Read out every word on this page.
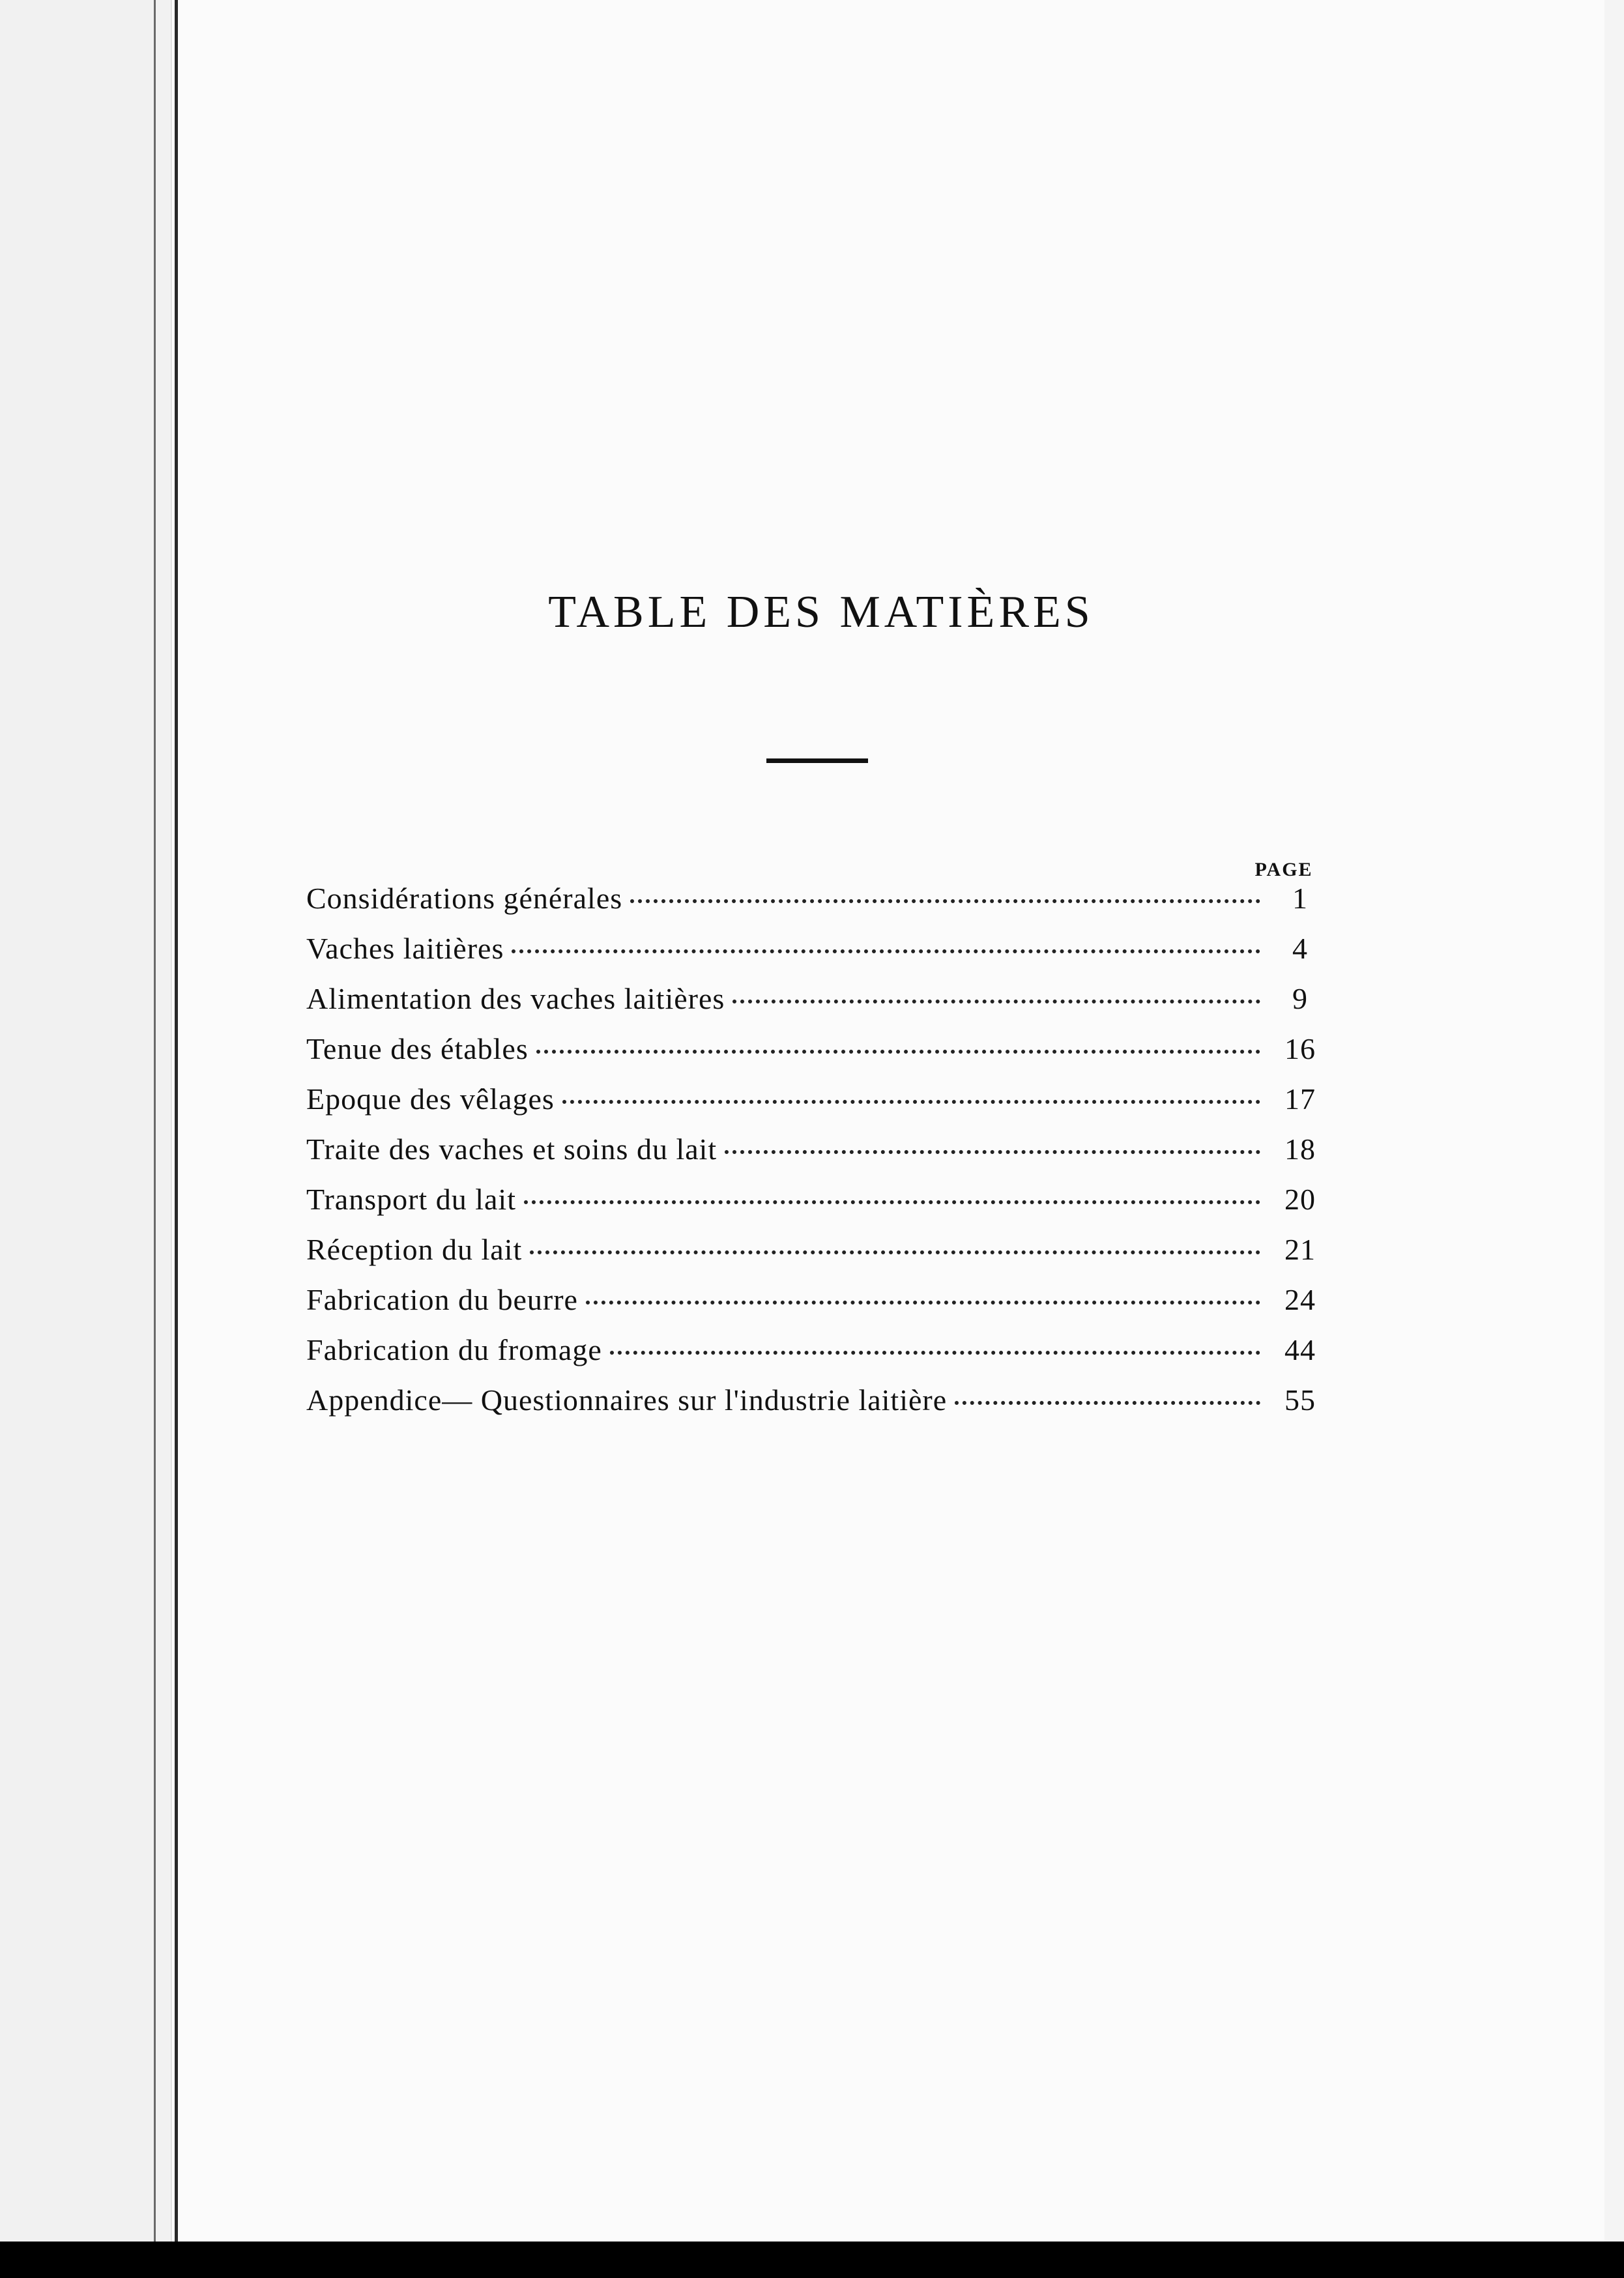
TABLE DES MATIÈRES
PAGE
Considérations générales	1
Vaches laitières	4
Alimentation des vaches laitières	9
Tenue des étables	16
Epoque des vêlages	17
Traite des vaches et soins du lait	18
Transport du lait	20
Réception du lait	21
Fabrication du beurre	24
Fabrication du fromage	44
Appendice— Questionnaires sur l'industrie laitière	55
